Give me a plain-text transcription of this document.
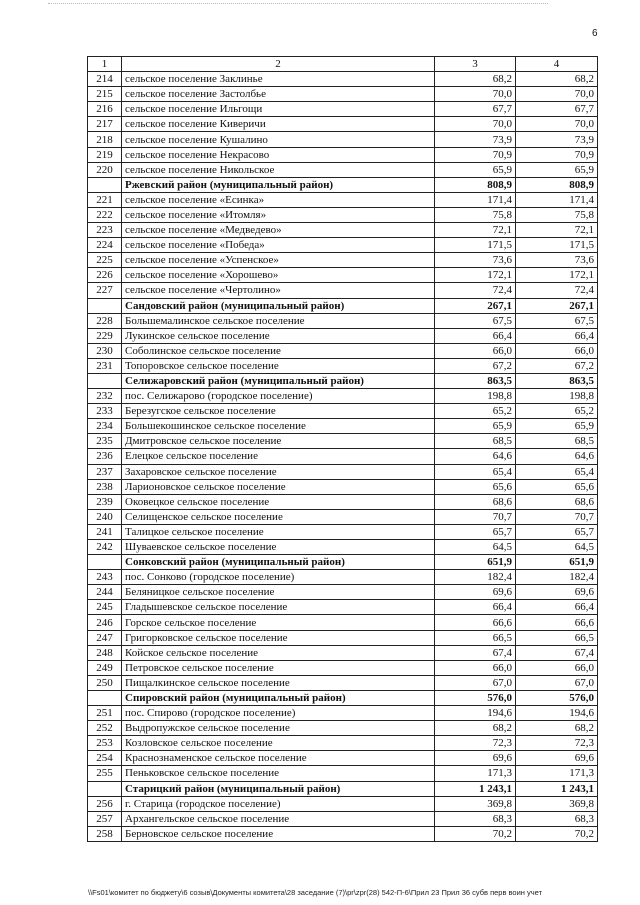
6
1	2	3	4
214	сельское поселение Заклинье	68,2	68,2
215	сельское поселение Застолбье	70,0	70,0
216	сельское поселение Ильгощи	67,7	67,7
217	сельское поселение Киверичи	70,0	70,0
218	сельское поселение Кушалино	73,9	73,9
219	сельское поселение Некрасово	70,9	70,9
220	сельское поселение Никольское	65,9	65,9
	Ржевский район (муниципальный район)	808,9	808,9
221	сельское поселение «Есинка»	171,4	171,4
222	сельское поселение «Итомля»	75,8	75,8
223	сельское поселение «Медведево»	72,1	72,1
224	сельское поселение «Победа»	171,5	171,5
225	сельское поселение «Успенское»	73,6	73,6
226	сельское поселение «Хорошево»	172,1	172,1
227	сельское поселение «Чертолино»	72,4	72,4
	Сандовский район (муниципальный район)	267,1	267,1
228	Большемалинское сельское поселение	67,5	67,5
229	Лукинское сельское поселение	66,4	66,4
230	Соболинское сельское поселение	66,0	66,0
231	Топоровское сельское поселение	67,2	67,2
	Селижаровский район (муниципальный район)	863,5	863,5
232	пос. Селижарово (городское поселение)	198,8	198,8
233	Березугское сельское поселение	65,2	65,2
234	Большекошинское сельское поселение	65,9	65,9
235	Дмитровское сельское поселение	68,5	68,5
236	Елецкое сельское поселение	64,6	64,6
237	Захаровское сельское поселение	65,4	65,4
238	Ларионовское сельское поселение	65,6	65,6
239	Оковецкое сельское поселение	68,6	68,6
240	Селищенское сельское поселение	70,7	70,7
241	Талицкое сельское поселение	65,7	65,7
242	Шуваевское сельское поселение	64,5	64,5
	Сонковский район (муниципальный район)	651,9	651,9
243	пос. Сонково (городское поселение)	182,4	182,4
244	Беляницкое сельское поселение	69,6	69,6
245	Гладышевское сельское поселение	66,4	66,4
246	Горское сельское поселение	66,6	66,6
247	Григорковское сельское поселение	66,5	66,5
248	Койское сельское поселение	67,4	67,4
249	Петровское сельское поселение	66,0	66,0
250	Пищалкинское сельское поселение	67,0	67,0
	Спировский район (муниципальный район)	576,0	576,0
251	пос. Спирово (городское поселение)	194,6	194,6
252	Выдропужское сельское поселение	68,2	68,2
253	Козловское сельское поселение	72,3	72,3
254	Краснознаменское сельское поселение	69,6	69,6
255	Пеньковское сельское поселение	171,3	171,3
	Старицкий район (муниципальный район)	1 243,1	1 243,1
256	г. Старица (городское поселение)	369,8	369,8
257	Архангельское сельское поселение	68,3	68,3
258	Берновское сельское поселение	70,2	70,2
\\Fs01\комитет по бюджету\6 созыв\Документы комитета\28 заседание (7)\pr\zpr(28) 542-П-6\Прил 23 Прил 36 субв перв воин учет
